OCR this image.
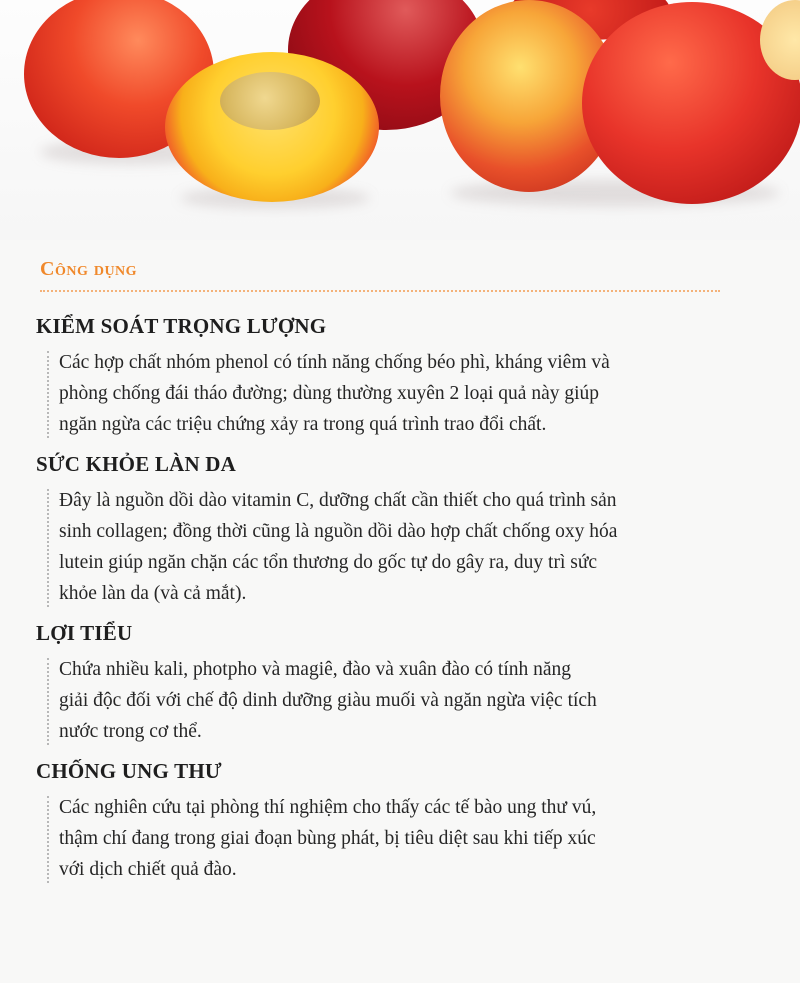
Công dụng
KIỂM SOÁT TRỌNG LƯỢNG
Các hợp chất nhóm phenol có tính năng chống béo phì, kháng viêm và
phòng chống đái tháo đường; dùng thường xuyên 2 loại quả này giúp
ngăn ngừa các triệu chứng xảy ra trong quá trình trao đổi chất.
SỨC KHỎE LÀN DA
Đây là nguồn dồi dào vitamin C, dưỡng chất cần thiết cho quá trình sản
sinh collagen; đồng thời cũng là nguồn dồi dào hợp chất chống oxy hóa
lutein giúp ngăn chặn các tổn thương do gốc tự do gây ra, duy trì sức
khỏe làn da (và cả mắt).
LỢI TIỂU
Chứa nhiều kali, photpho và magiê, đào và xuân đào có tính năng
giải độc đối với chế độ dinh dưỡng giàu muối và ngăn ngừa việc tích
nước trong cơ thể.
CHỐNG UNG THƯ
Các nghiên cứu tại phòng thí nghiệm cho thấy các tế bào ung thư vú,
thậm chí đang trong giai đoạn bùng phát, bị tiêu diệt sau khi tiếp xúc
với dịch chiết quả đào.
